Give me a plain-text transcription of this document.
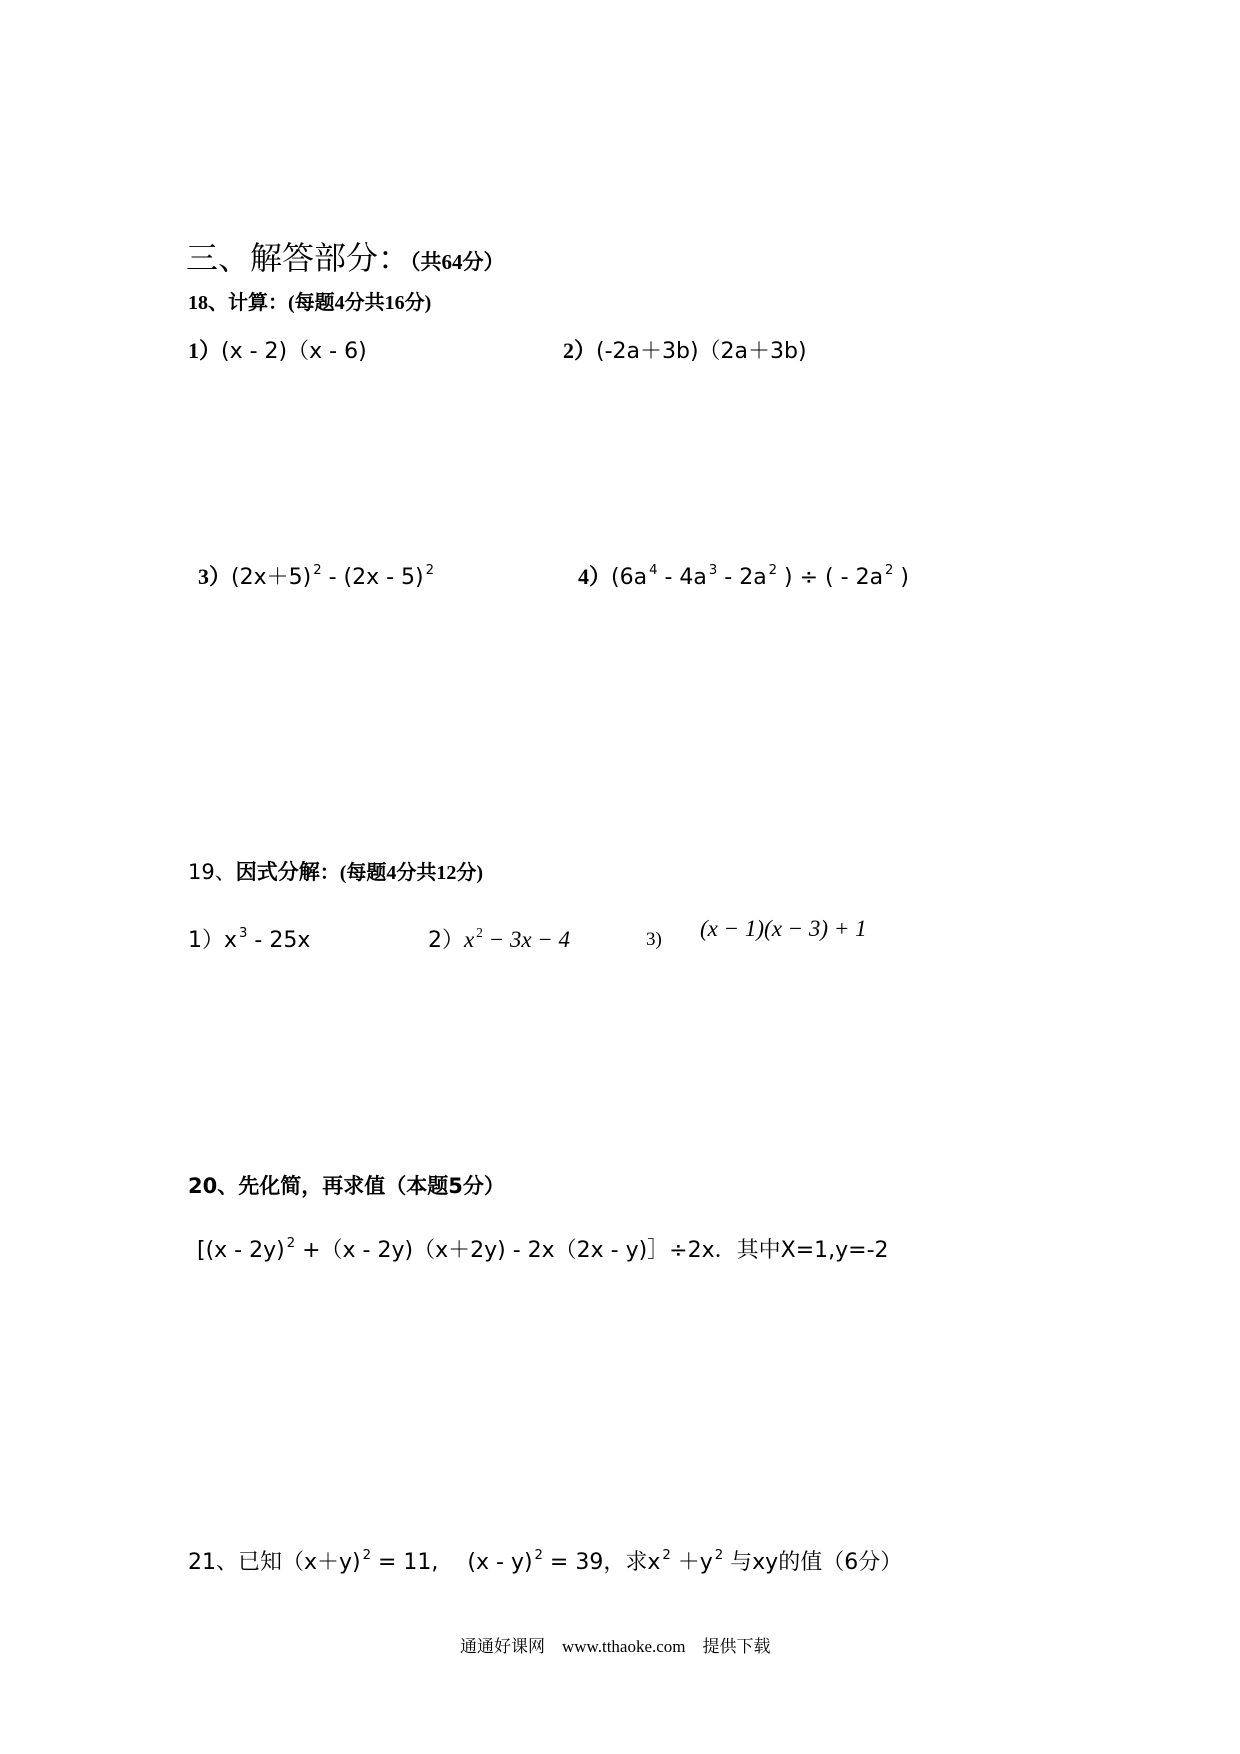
三、解答部分：（共64分）
18、计算：(每题4分共16分)
1）(x - 2)（x - 6)	2）(-2a＋3b)（2a＋3b)
3）(2x＋5) $^2$ - (2x - 5) $^2$	4）(6a $^4$ - 4a $^3$ - 2a $^2$ ) ÷ ( - 2a $^2$ )
19、因式分解：(每题4分共12分)
1）x $^3$ - 25x	2）x $^2$ − 3x − 4	3) (x − 1)(x − 3) + 1
20、先化简，再求值（本题5分）
[(x - 2y) $^2$ +（x - 2y)（x＋2y) - 2x（2x - y)］÷2x．其中X=1,y=-2
21、已知（x＋y) $^2$ = 11,　 (x - y) $^2$ = 39，求x $^2$ ＋y $^2$ 与xy的值（6分）
通通好课网　www.tthaoke.com　提供下载
